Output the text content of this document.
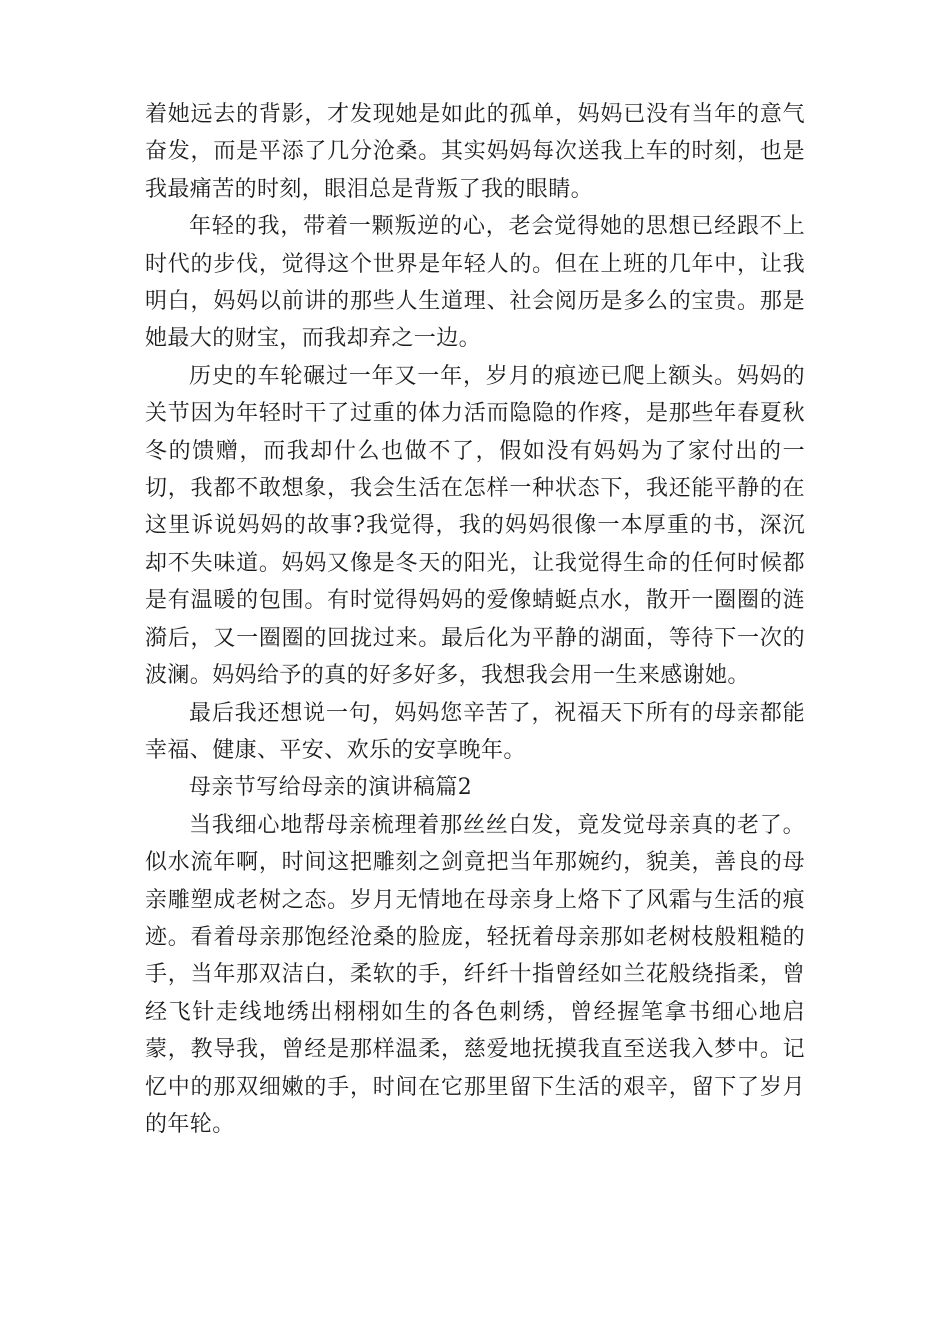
着她远去的背影，才发现她是如此的孤单，妈妈已没有当年的意气奋发，而是平添了几分沧桑。其实妈妈每次送我上车的时刻，也是我最痛苦的时刻，眼泪总是背叛了我的眼睛。

年轻的我，带着一颗叛逆的心，老会觉得她的思想已经跟不上时代的步伐，觉得这个世界是年轻人的。但在上班的几年中，让我明白，妈妈以前讲的那些人生道理、社会阅历是多么的宝贵。那是她最大的财宝，而我却弃之一边。

历史的车轮碾过一年又一年，岁月的痕迹已爬上额头。妈妈的关节因为年轻时干了过重的体力活而隐隐的作疼，是那些年春夏秋冬的馈赠，而我却什么也做不了，假如没有妈妈为了家付出的一切，我都不敢想象，我会生活在怎样一种状态下，我还能平静的在这里诉说妈妈的故事?我觉得，我的妈妈很像一本厚重的书，深沉却不失味道。妈妈又像是冬天的阳光，让我觉得生命的任何时候都是有温暖的包围。有时觉得妈妈的爱像蜻蜓点水，散开一圈圈的涟漪后，又一圈圈的回拢过来。最后化为平静的湖面，等待下一次的波澜。妈妈给予的真的好多好多，我想我会用一生来感谢她。

最后我还想说一句，妈妈您辛苦了，祝福天下所有的母亲都能幸福、健康、平安、欢乐的安享晚年。

母亲节写给母亲的演讲稿篇2

当我细心地帮母亲梳理着那丝丝白发，竟发觉母亲真的老了。似水流年啊，时间这把雕刻之剑竟把当年那婉约，貌美，善良的母亲雕塑成老树之态。岁月无情地在母亲身上烙下了风霜与生活的痕迹。看着母亲那饱经沧桑的脸庞，轻抚着母亲那如老树枝般粗糙的手，当年那双洁白，柔软的手，纤纤十指曾经如兰花般绕指柔，曾经飞针走线地绣出栩栩如生的各色刺绣，曾经握笔拿书细心地启蒙，教导我，曾经是那样温柔，慈爱地抚摸我直至送我入梦中。记忆中的那双细嫩的手，时间在它那里留下生活的艰辛，留下了岁月的年轮。
